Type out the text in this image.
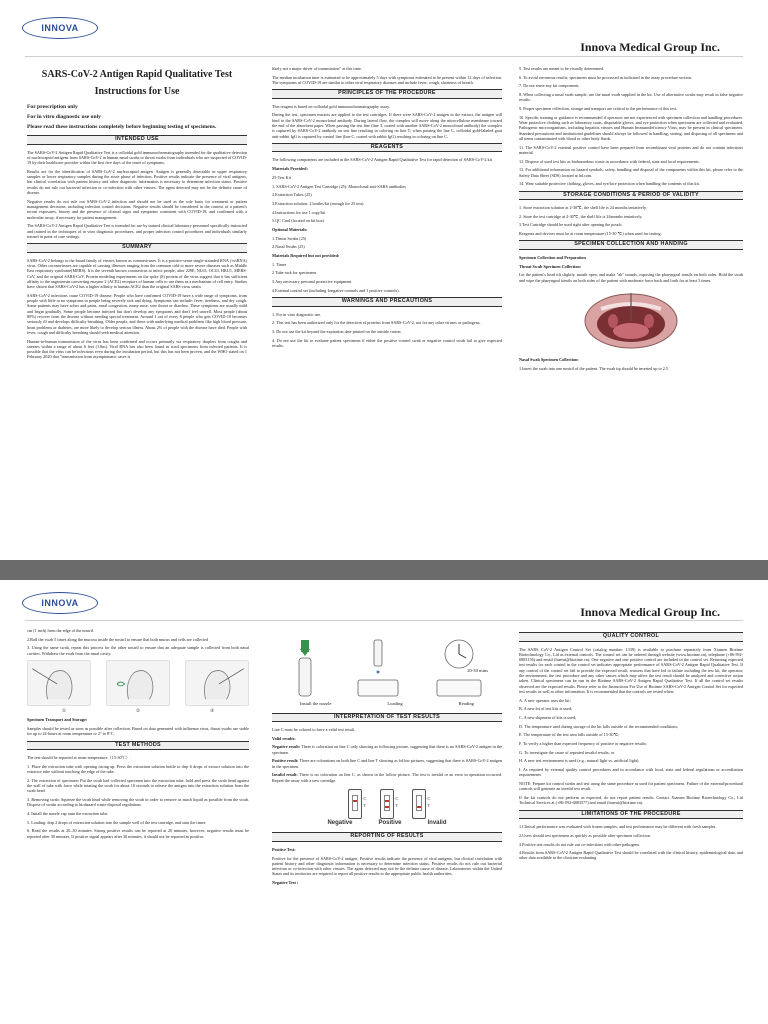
INNOVA
Innova Medical Group Inc.
SARS-CoV-2 Antigen Rapid Qualitative Test
Instructions for Use
For prescription only
For in vitro diagnostic use only
Please read these instructions completely before beginning testing of specimens.
INTENDED USE

The SARS-CoV-2 Antigen Rapid Qualitative Test is a colloidal gold immunochromatography intended for the qualitative detection of nucleocapsid antigens from SARS-CoV-2 in human nasal swabs or throat swabs from individuals who are suspected of COVID-19 by their healthcare provider within the first five days of the onset of symptoms.

Results are for the identification of SARS-CoV-2 nucleocapsid antigen. Antigen is generally detectable in upper respiratory samples or lower respiratory samples during the acute phase of infection. Positive results indicate the presence of viral antigens, but clinical correlation with patient history and other diagnostic information is necessary to determine infection status. Positive results do not rule out bacterial infection or co-infection with other viruses. The agent detected may not be the definite cause of disease.

Negative results do not rule out SARS-CoV-2 infection and should not be used as the sole basis for treatment or patient management decisions, including infection control decisions. Negative results should be considered in the context of a patient's recent exposures, history and the presence of clinical signs and symptoms consistent with COVID-19, and confirmed with a molecular assay, if necessary for patient management.

The SARS-CoV-2 Antigen Rapid Qualitative Test is intended for use by trained clinical laboratory personnel specifically instructed and trained in the techniques of in vitro diagnostic procedures, and proper infection control procedures and individuals similarly trained in point of care settings.

SUMMARY

SARS-CoV-2 belongs to the broad family of viruses known as coronaviruses. It is a positive-sense single-stranded RNA (+ssRNA) virus. Other coronaviruses are capable of causing illnesses ranging from the common cold to more severe diseases such as Middle East respiratory syndrome(MERS). It is the seventh known coronavirus to infect people, after 229E, NL63, OC43, HKU1, MERS-CoV, and the original SARS-CoV. Protein modeling experiments on the spike (S) protein of the virus suggest that it has sufficient affinity to the angiotensin converting enzyme 2 (ACE2) receptors of human cells to use them as a mechanism of cell entry. Studies have shown that SARS-CoV-2 has a higher affinity to human ACE2 than the original SARS virus strain.

SARS-CoV-2 infections cause COVID-19 disease. People who have confirmed COVID-19 have a wide range of symptoms, from people with little to no symptoms to people being severely sick and dying. Symptoms can include: fever, tiredness, and dry cough. Some patients may have aches and pains, nasal congestion, runny nose, sore throat or diarrhea. These symptoms are usually mild and begin gradually. Some people become infected but don't develop any symptoms and don't feel unwell. Most people (about 80%) recover from the disease without needing special treatment. Around 1 out of every 6 people who gets COVID-19 becomes seriously ill and develops difficulty breathing. Older people, and those with underlying medical problems like high blood pressure, heart problems or diabetes, are more likely to develop serious illness. About 2% of people with the disease have died. People with fever, cough and difficulty breathing should seek medical attention.

Human-to-human transmission of the virus has been confirmed and occurs primarily via respiratory droplets from coughs and sneezes within a range of about 6 feet (1.8m). Viral RNA has also been found in stool specimens from infected patients. It is possible that the virus can be infectious even during the incubation period, but this has not been proven, and the WHO stated on 1 February 2020 that "transmission from asymptomatic cases is

likely not a major driver of transmission" at this time.

The median incubation time is estimated to be approximately 5 days with symptoms estimated to be present within 12 days of infection. The symptoms of COVID-19 are similar to other viral respiratory diseases and include fever, cough, shortness of breath.

PRINCIPLES OF THE PROCEDURE

This reagent is based on colloidal gold immunochromatography assay.

During the test, specimen extracts are applied to the test cartridges. If there were SARS-CoV-2 antigen in the extract, the antigen will bind to the SARS-CoV-2 monoclonal antibody. During lateral flow, the complex will move along the nitrocellulose membrane toward the end of the absorbent paper. When passing the test line (line T, coated with another SARS-CoV-2 monoclonal antibody) the complex is captured by SARS-CoV-2 antibody on test line resulting in coloring on line T; when passing the line C, colloidal gold-labeled goat anti-rabbit IgG is captured by control line (line C, coated with rabbit IgG) resulting in coloring on line C.

REAGENTS

The following components are included in the SARS-CoV-2 Antigen Rapid Qualitative Test for rapid detection of SARS-CoV-2 kit

Materials Provided:

25-Test Kit

1. SARS-CoV-2 Antigen Test Cartridge (25): Monoclonal anti-SARS antibodies

2.Extraction Tubes (25)

3.Extraction solution: 2 bottles/kit (enough for 25 test)

4.Instructions for use 1 copy/kit

5.QC Card (located on kit box)

Optional Materials:

1.Throat Swabs (25)

2.Nasal Swabs (25)

Materials Required but not provided:

1. Timer

2 Tube rack for specimens

3.Any necessary personal protective equipment

4.External control set (including 1negative controls and 1 positive controls).

WARNINGS AND PRECAUTIONS

1. For in vitro diagnostic use.

2. This test has been authorized only for the detection of proteins from SARS-CoV-2, not for any other viruses or pathogens.

3. Do not use the kit beyond the expiration date printed on the outside carton.

4. Do not use the kit to evaluate patient specimens if either the positive control swab or negative control swab fail to give expected results.

5. Test results are meant to be visually determined.

6. To avoid erroneous results, specimens must be processed as indicated in the assay procedure section.

7. Do not reuse any kit components.

8. When collecting a nasal swab sample, use the nasal swab supplied in the kit. Use of alternative swabs may result in false negative results.

9. Proper specimen collection, storage and transport are critical to the performance of this test.

10. Specific training or guidance is recommended if operators are not experienced with specimen collection and handling procedures. Wear protective clothing such as laboratory coats, disposable gloves, and eye protection when specimens are collected and evaluated. Pathogenic microorganisms, including hepatitis viruses and Human Immunodeficiency Virus, may be present in clinical specimens. Standard precautions and institutional guidelines should always be followed in handling, storing, and disposing of all specimens and all items contaminated with blood or other body fluids.

11. The SARS-CoV-2 external positive control have been prepared from recombinant viral proteins and do not contain infectious material.

12. Dispose of used test kits as biohazardous waste in accordance with federal, state and local requirements.

13. For additional information on hazard symbols, safety, handling and disposal of the components within this kit, please refer to the Safety Data Sheet (SDS) located at hd.com.

14. Wear suitable protective clothing, gloves, and eye/face protection when handling the contents of this kit.

STORAGE CONDITIONS & PERIOD OF VALIDITY

1. Store extraction solution at 2-30℃, the shelf life is 24 months tentatively.

2. Store the test cartridge at 2-30℃, the shelf life is 24months tentatively.

3.Test Cartridge should be used right after opening the pouch.

Reagents and devices must be at room temperature (15-30 ℃) when used for testing.

SPECIMEN COLLECTION AND HANDING

Specimen Collection and Preparation

Throat Swab Specimen Collection:

Let the patient's head tilt slightly, mouth open, and make "ah" sounds, exposing the pharyngeal tonsils on both sides. Hold the swab and wipe the pharyngeal tonsils on both sides of the patient with moderate force back and forth for at least 3 times.

Nasal Swab Specimen Collection:

1.Insert the swab into one nostril of the patient. The swab tip should be inserted up to 2.5

INNOVA
Innova Medical Group Inc.

cm (1 inch) from the edge of the nostril.

2.Roll the swab 5 times along the mucosa inside the nostril to ensure that both mucus and cells are collected

3. Using the same swab, repeat this process for the other nostril to ensure that an adequate sample is collected from both nasal cavities. Withdraw the swab from the nasal cavity.

①	②	③

Specimen Transport and Storage:

Samples should be tested as soon as possible after collection. Based on data generated with influenza virus, throat swabs are stable for up to 24-hours at room temperature or 2° to 8°C.

TEST METHODS

The test should be reported at room temperature（15-30℃）.

1. Place the extraction tube with opening facing up. Press the extraction solution bottle to drip 6 drops of extract solution into the extractor tube without touching the edge of the tube.

2. The extraction of specimen: Put the swab had collected specimen into the extraction tube, hold and press the swab head against the wall of tube with force while rotating the swab for about 10 seconds to release the antigen into the extraction solution from the swab head.

3. Removing swab: Squeeze the swab head while removing the swab in order to remove as much liquid as possible from the swab. Dispose of swabs according to biohazard waste disposal regulations.

4. Install the nozzle cap onto the extraction tube.

5. Loading: drip 2 drops of extraction solution into the sample well of the test cartridge, and start the timer.

6. Read the results at 20–30 minutes. Strong positive results can be reported at 20 minutes, however, negative results must be reported after 30 minutes. If positive signal appears after 30 minutes, it should not be reported as positive.

20-30 mins
Install the nozzle	Loading	Reading
INTERPRETATION OF TEST RESULTS

Line C must be colored to have a valid test result.

Valid results:

Negative result: There is coloration on line C only showing as following picture, suggesting that there is no SARS-CoV-2 antigen in the specimen.

Positive result: There are colorations on both line C and line T showing as follow pictures, suggesting that there is SARS-CoV-2 antigen in the specimen.

Invalid result: There is no coloration on line C, as shown in the follow picture. The test is invalid or an error in operation occurred. Repeat the assay with a new cartridge.

C
T
C
T
C
T
Negative	Positive	Invalid
REPORTING OF RESULTS

Positive Test:

Positive for the presence of SARS-CoV-2 antigen. Positive results indicate the presence of viral antigens, but clinical correlation with patient history and other diagnostic information is necessary to determine infection status. Positive results do not rule out bacterial infection or co-infection with other viruses. The agent detected may not be the definite cause of disease. Laboratories within the United States and its territories are required to report all positive results to the appropriate public health authorities.

Negative Test :

QUALITY CONTROL

The SARS CoV-2 Antigen Control Set (catalog number: 1339) is available to purchase separately from Xiamen Biotime Biotechnology Co., Ltd as external controls. The control set can be ordered through website (www.biotime.cn), telephone (+86-592-6883156) and email (huerui@biotime.cn). One negative and one positive control are included in the control set. Returning expected test results for each control in the control set indicates appropriate performance of SARS-CoV-2 Antigen Rapid Qualitative Test. If any control of the control set fail to provide the expected result, reassess that have led to failure including the test kit, the operator, the environment, the test procedure and any other causes which may affect the test result should be analyzed and corrective action taken. Clinical specimens can be run in the Biotime SARS-CoV-2 Antigen Rapid Qualitative Test. If all the control set results observed are the expected results. Please refer to the Instructions For Use of Biotime SARS-CoV-2 Antigen Control Set for expected test results as well as other information. It is recommended that the controls are tested when:

A. A new operator uses the kit;

B. A new lot of test kits is used;

C. A new shipment of kits is used;

D. The temperature used during storage of the kit falls outside of the recommended conditions;

E. The temperature of the test area falls outside of 15-30℃;

F. To verify a higher than expected frequency of positive or negative results;

G. To investigate the cause of repeated invalid results; or

H. A new test environment is used (e.g., natural light vs. artificial light).

I. As required by external quality control procedures and in accordance with local, state and federal regulations or accreditation requirements.

NOTE: Prepare kit control swabs and test using the same procedure as used for patient specimens. Failure of the external/procedural controls will generate an invalid test result.

If the kit controls do not perform as expected, do not report patient results. Contact Xiamen Biotime Biotechnology Co., Ltd Technical Services at (+86-592-6883577) and email (huerui@biotime.cn).

LIMITATIONS OF THE PROCEDURE

1.Clinical performance was evaluated with frozen samples, and test performance may be different with fresh samples.

2.Users should test specimens as quickly as possible after specimen collection.

3.Positive test results do not rule out co-infections with other pathogens.

4.Results from SARS-CoV-2 Antigen Rapid Qualitative Test should be correlated with the clinical history, epidemiological data, and other data available to the clinician evaluating
